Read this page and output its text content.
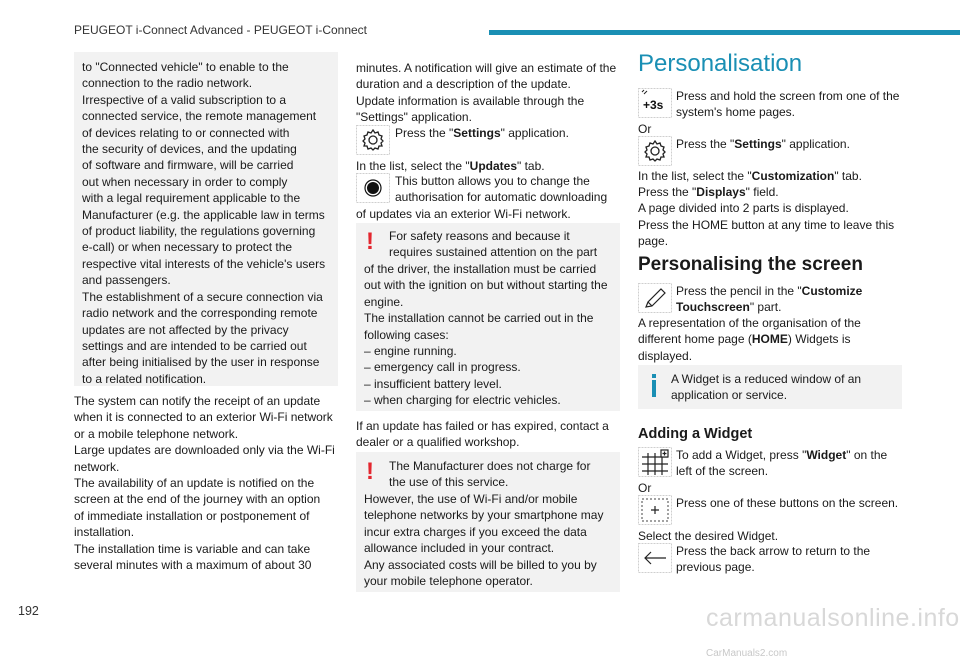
PEUGEOT i-Connect Advanced - PEUGEOT i-Connect
192	carmanualsonline.info CarManuals2.com

to "Connected vehicle" to enable to the

connection to the radio network.

Irrespective of a valid subscription to a

connected service, the remote management

of devices relating to or connected with

the security of devices, and the updating

of software and firmware, will be carried

out when necessary in order to comply

with a legal requirement applicable to the

Manufacturer (e.g. the applicable law in terms

of product liability, the regulations governing

e-call) or when necessary to protect the

respective vital interests of the vehicle's users

and passengers.

The establishment of a secure connection via

radio network and the corresponding remote

updates are not affected by the privacy

settings and are intended to be carried out

after being initialised by the user in response

to a related notification.

The system can notify the receipt of an update

when it is connected to an exterior Wi-Fi network

or a mobile telephone network.

Large updates are downloaded only via the Wi-Fi

network.

The availability of an update is notified on the

screen at the end of the journey with an option

of immediate installation or postponement of

installation.

The installation time is variable and can take

several minutes with a maximum of about 30

minutes. A notification will give an estimate of the

duration and a description of the update.

Update information is available through the

"Settings" application.

Press the "Settings" application.
In the list, select the "Updates" tab.

This button allows you to change the

authorisation for automatic downloading

of updates via an exterior Wi-Fi network.
! For safety reasons and because it

requires sustained attention on the part

of the driver, the installation must be carried

out with the ignition on but without starting the

engine.

The installation cannot be carried out in the

following cases:

– engine running.

– emergency call in progress.

– insufficient battery level.

– when charging for electric vehicles.

If an update has failed or has expired, contact a

dealer or a qualified workshop.

! The Manufacturer does not charge for

the use of this service.

However, the use of Wi-Fi and/or mobile

telephone networks by your smartphone may

incur extra charges if you exceed the data

allowance included in your contract.

Any associated costs will be billed to you by

your mobile telephone operator.

Personalisation
+3s

Press and hold the screen from one of the

system's home pages.

Or
Press the "Settings" application.
In the list, select the "Customization" tab.
Press the "Displays" field.
A page divided into 2 parts is displayed.

Press the HOME button at any time to leave this

page.

Personalising the screen
Press the pencil in the "Customize
Touchscreen" part.
A representation of the organisation of the
different home page (HOME) Widgets is
displayed.

A Widget is a reduced window of an

application or service.

Adding a Widget
To add a Widget, press "Widget" on the
left of the screen.
Or
Press one of these buttons on the screen.
Select the desired Widget.

Press the back arrow to return to the

previous page.
